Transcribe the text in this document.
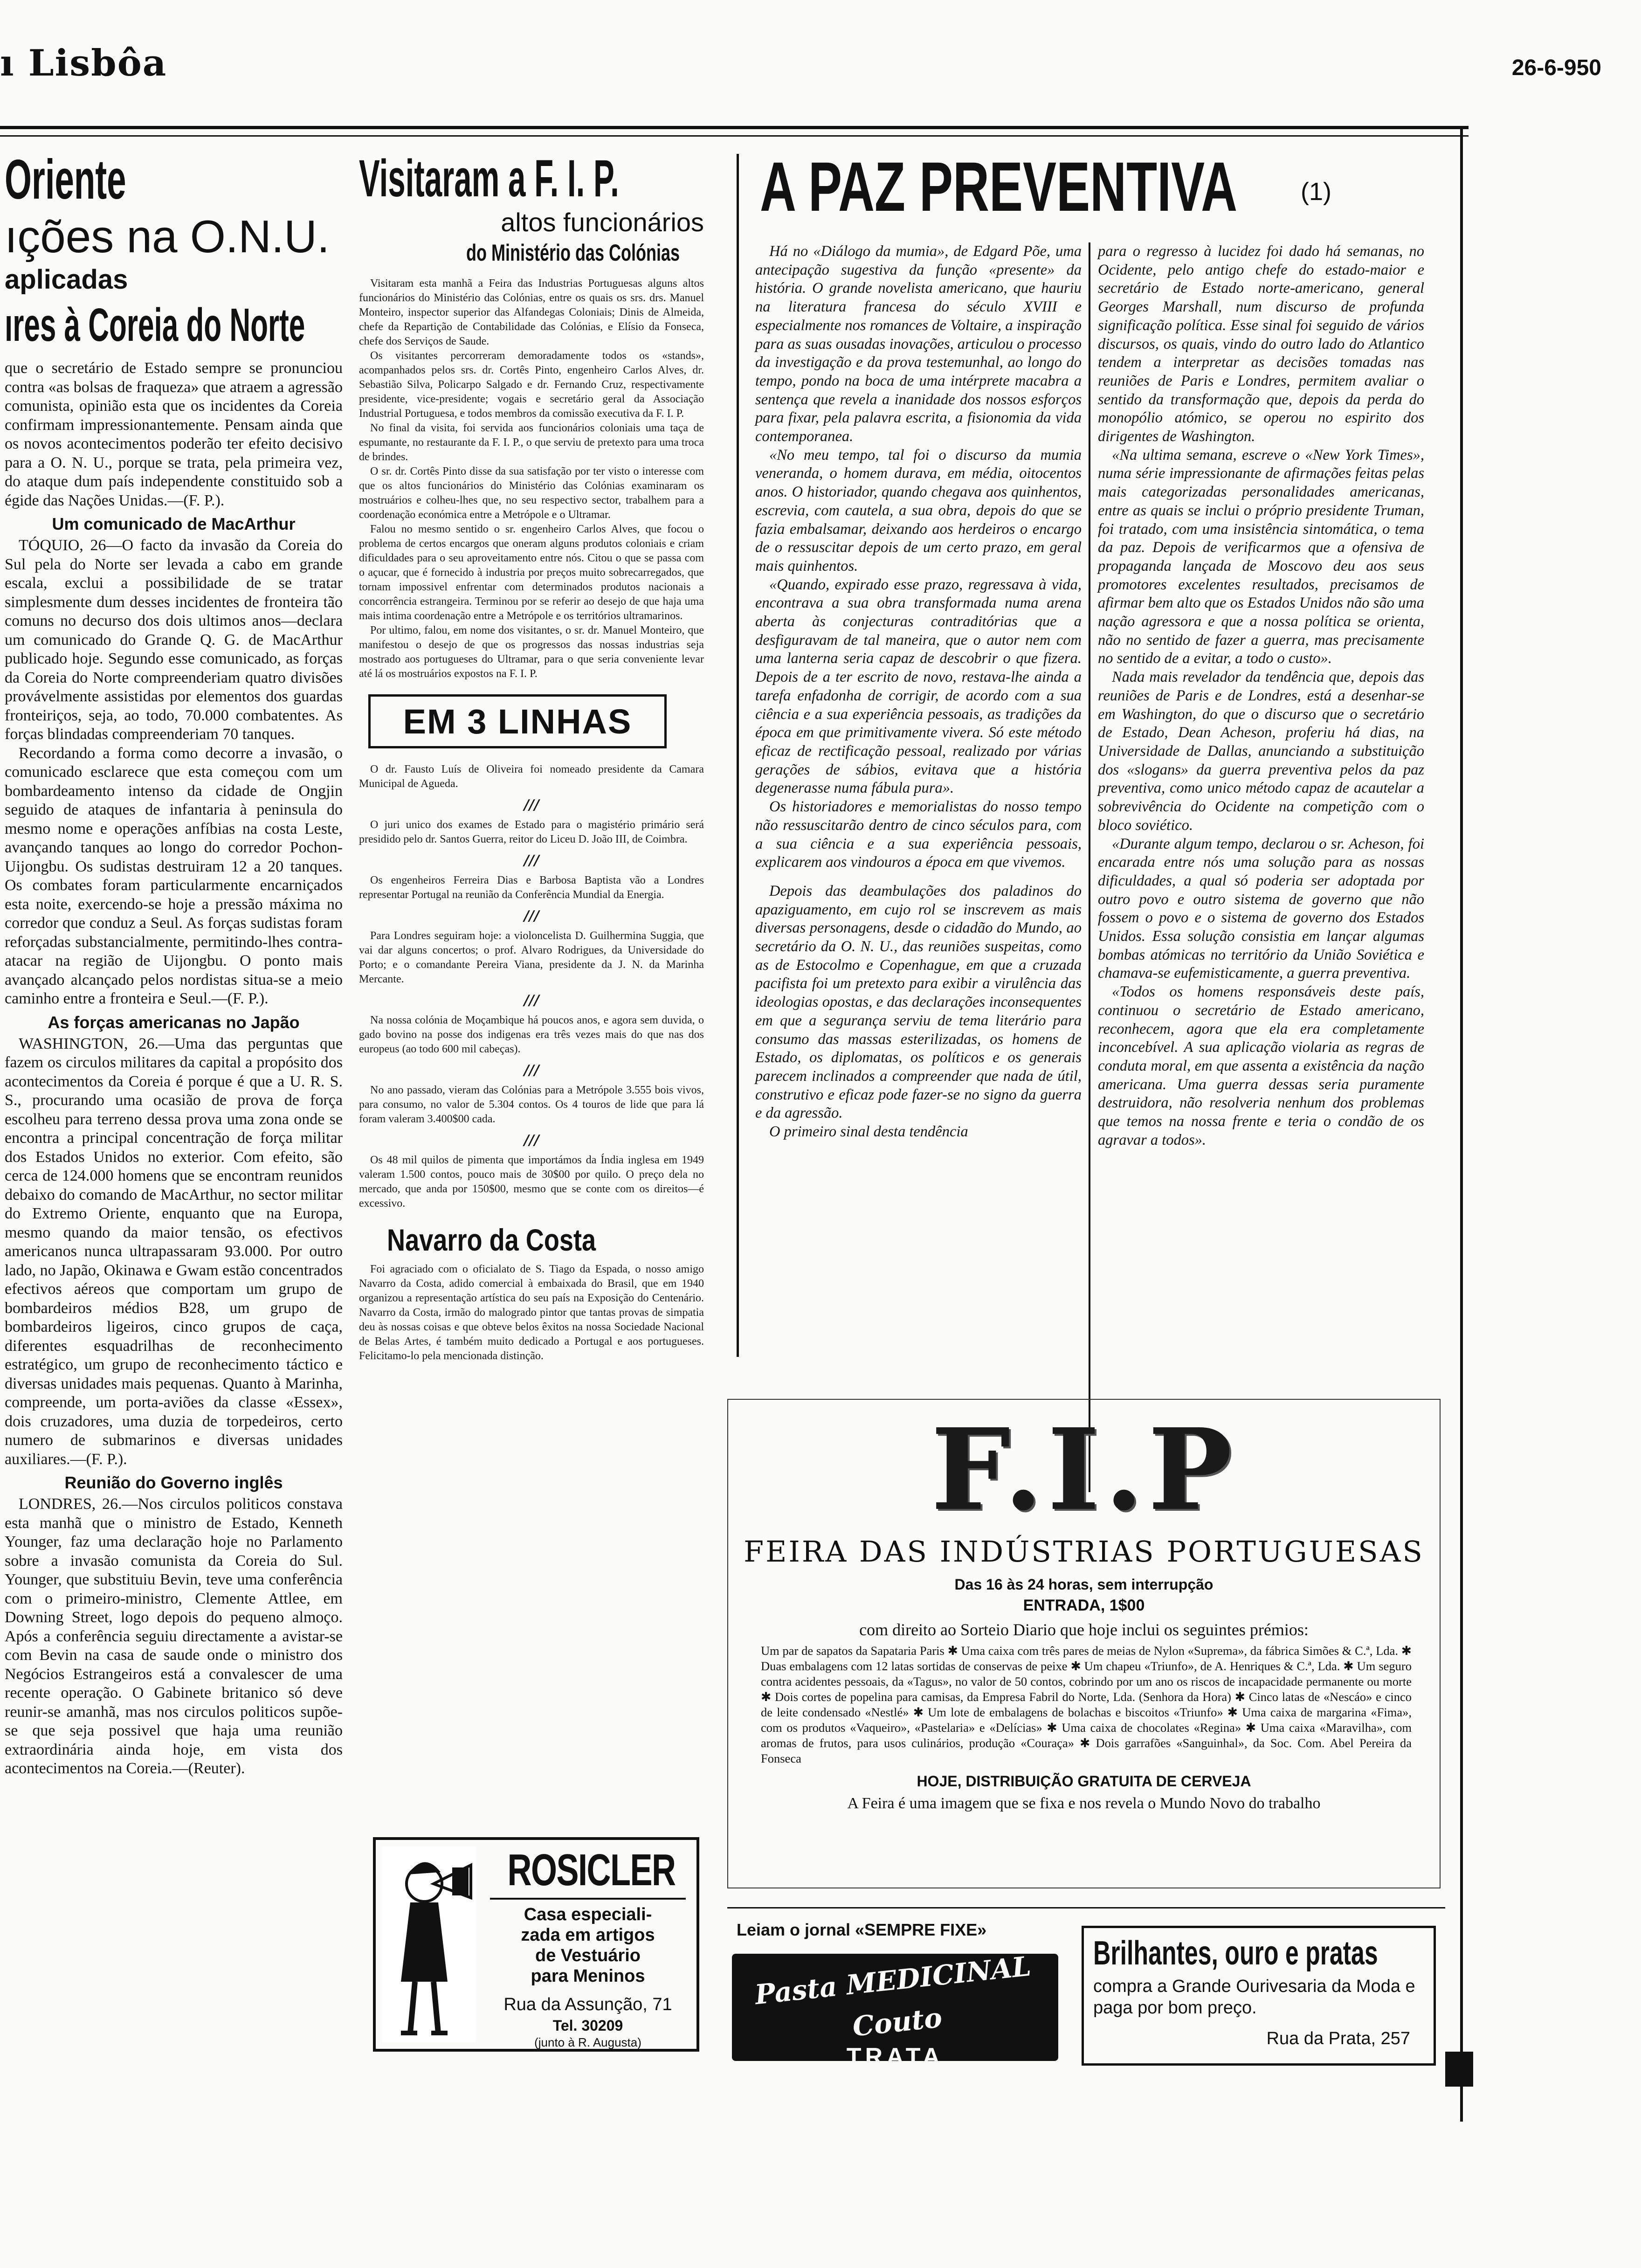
ı Lisbôa	26-6-950
Oriente
ıções na O.N.U.
aplicadas
ıres à Coreia do Norte

que o secretário de Estado sempre se pronunciou contra «as bolsas de fraqueza» que atraem a agressão comunista, opinião esta que os incidentes da Coreia confirmam impressionantemente. Pensam ainda que os novos acontecimentos poderão ter efeito decisivo para a O. N. U., porque se trata, pela primeira vez, do ataque dum país independente constituido sob a égide das Nações Unidas.—(F. P.).

Um comunicado de MacArthur

TÓQUIO, 26—O facto da invasão da Coreia do Sul pela do Norte ser levada a cabo em grande escala, exclui a possibilidade de se tratar simplesmente dum desses incidentes de fronteira tão comuns no decurso dos dois ultimos anos—declara um comunicado do Grande Q. G. de MacArthur publicado hoje. Segundo esse comunicado, as forças da Coreia do Norte compreenderiam quatro divisões provávelmente assistidas por elementos dos guardas fronteiriços, seja, ao todo, 70.000 combatentes. As forças blindadas compreenderiam 70 tanques.

Recordando a forma como decorre a invasão, o comunicado esclarece que esta começou com um bombardeamento intenso da cidade de Ongjin seguido de ataques de infantaria à peninsula do mesmo nome e operações anfíbias na costa Leste, avançando tanques ao longo do corredor Pochon-Uijongbu. Os sudistas destruiram 12 a 20 tanques. Os combates foram particularmente encarniçados esta noite, exercendo-se hoje a pressão máxima no corredor que conduz a Seul. As forças sudistas foram reforçadas substancialmente, permitindo-lhes contra-atacar na região de Uijongbu. O ponto mais avançado alcançado pelos nordistas situa-se a meio caminho entre a fronteira e Seul.—(F. P.).

As forças americanas no Japão

WASHINGTON, 26.—Uma das perguntas que fazem os circulos militares da capital a propósito dos acontecimentos da Coreia é porque é que a U. R. S. S., procurando uma ocasião de prova de força escolheu para terreno dessa prova uma zona onde se encontra a principal concentração de força militar dos Estados Unidos no exterior. Com efeito, são cerca de 124.000 homens que se encontram reunidos debaixo do comando de MacArthur, no sector militar do Extremo Oriente, enquanto que na Europa, mesmo quando da maior tensão, os efectivos americanos nunca ultrapassaram 93.000. Por outro lado, no Japão, Okinawa e Gwam estão concentrados efectivos aéreos que comportam um grupo de bombardeiros médios B28, um grupo de bombardeiros ligeiros, cinco grupos de caça, diferentes esquadrilhas de reconhecimento estratégico, um grupo de reconhecimento táctico e diversas unidades mais pequenas. Quanto à Marinha, compreende, um porta-aviões da classe «Essex», dois cruzadores, uma duzia de torpedeiros, certo numero de submarinos e diversas unidades auxiliares.—(F. P.).

Reunião do Governo inglês

LONDRES, 26.—Nos circulos politicos constava esta manhã que o ministro de Estado, Kenneth Younger, faz uma declaração hoje no Parlamento sobre a invasão comunista da Coreia do Sul. Younger, que substituiu Bevin, teve uma conferência com o primeiro-ministro, Clemente Attlee, em Downing Street, logo depois do pequeno almoço. Após a conferência seguiu directamente a avistar-se com Bevin na casa de saude onde o ministro dos Negócios Estrangeiros está a convalescer de uma recente operação. O Gabinete britanico só deve reunir-se amanhã, mas nos circulos politicos supõe-se que seja possivel que haja uma reunião extraordinária ainda hoje, em vista dos acontecimentos na Coreia.—(Reuter).

Visitaram a F. I. P.
altos funcionários
do Ministério das Colónias

Visitaram esta manhã a Feira das Industrias Portuguesas alguns altos funcionários do Ministério das Colónias, entre os quais os srs. drs. Manuel Monteiro, inspector superior das Alfandegas Coloniais; Dinis de Almeida, chefe da Repartição de Contabilidade das Colónias, e Elísio da Fonseca, chefe dos Serviços de Saude.

Os visitantes percorreram demoradamente todos os «stands», acompanhados pelos srs. dr. Cortês Pinto, engenheiro Carlos Alves, dr. Sebastião Silva, Policarpo Salgado e dr. Fernando Cruz, respectivamente presidente, vice-presidente; vogais e secretário geral da Associação Industrial Portuguesa, e todos membros da comissão executiva da F. I. P.

No final da visita, foi servida aos funcionários coloniais uma taça de espumante, no restaurante da F. I. P., o que serviu de pretexto para uma troca de brindes.

O sr. dr. Cortês Pinto disse da sua satisfação por ter visto o interesse com que os altos funcionários do Ministério das Colónias examinaram os mostruários e colheu-lhes que, no seu respectivo sector, trabalhem para a coordenação económica entre a Metrópole e o Ultramar.

Falou no mesmo sentido o sr. engenheiro Carlos Alves, que focou o problema de certos encargos que oneram alguns produtos coloniais e criam dificuldades para o seu aproveitamento entre nós. Citou o que se passa com o açucar, que é fornecido à industria por preços muito sobrecarregados, que tornam impossivel enfrentar com determinados produtos nacionais a concorrência estrangeira. Terminou por se referir ao desejo de que haja uma mais intima coordenação entre a Metrópole e os territórios ultramarinos.

Por ultimo, falou, em nome dos visitantes, o sr. dr. Manuel Monteiro, que manifestou o desejo de que os progressos das nossas industrias seja mostrado aos portugueses do Ultramar, para o que seria conveniente levar até lá os mostruários expostos na F. I. P.

EM 3 LINHAS

O dr. Fausto Luís de Oliveira foi nomeado presidente da Camara Municipal de Agueda.

///

O juri unico dos exames de Estado para o magistério primário será presidido pelo dr. Santos Guerra, reitor do Liceu D. João III, de Coimbra.

///

Os engenheiros Ferreira Dias e Barbosa Baptista vão a Londres representar Portugal na reunião da Conferência Mundial da Energia.

///

Para Londres seguiram hoje: a violoncelista D. Guilhermina Suggia, que vai dar alguns concertos; o prof. Alvaro Rodrigues, da Universidade do Porto; e o comandante Pereira Viana, presidente da J. N. da Marinha Mercante.

///

Na nossa colónia de Moçambique há poucos anos, e agora sem duvida, o gado bovino na posse dos indigenas era três vezes mais do que nas dos europeus (ao todo 600 mil cabeças).

///

No ano passado, vieram das Colónias para a Metrópole 3.555 bois vivos, para consumo, no valor de 5.304 contos. Os 4 touros de lide que para lá foram valeram 3.400$00 cada.

///

Os 48 mil quilos de pimenta que importámos da Índia inglesa em 1949 valeram 1.500 contos, pouco mais de 30$00 por quilo. O preço dela no mercado, que anda por 150$00, mesmo que se conte com os direitos—é excessivo.

Navarro da Costa

Foi agraciado com o oficialato de S. Tiago da Espada, o nosso amigo Navarro da Costa, adido comercial à embaixada do Brasil, que em 1940 organizou a representação artística do seu país na Exposição do Centenário. Navarro da Costa, irmão do malogrado pintor que tantas provas de simpatia deu às nossas coisas e que obteve belos êxitos na nossa Sociedade Nacional de Belas Artes, é também muito dedicado a Portugal e aos portugueses. Felicitamo-lo pela mencionada distinção.

ROSICLER
Casa especiali-
zada em artigos
de Vestuário
para Meninos
Rua da Assunção, 71
Tel. 30209
(junto à R. Augusta)
A PAZ PREVENTIVA	(1)

Há no «Diálogo da mumia», de Edgard Põe, uma antecipação sugestiva da função «presente» da história. O grande novelista americano, que hauriu na literatura francesa do século XVIII e especialmente nos romances de Voltaire, a inspiração para as suas ousadas inovações, articulou o processo da investigação e da prova testemunhal, ao longo do tempo, pondo na boca de uma intérprete macabra a sentença que revela a inanidade dos nossos esforços para fixar, pela palavra escrita, a fisionomia da vida contemporanea.

«No meu tempo, tal foi o discurso da mumia veneranda, o homem durava, em média, oitocentos anos. O historiador, quando chegava aos quinhentos, escrevia, com cautela, a sua obra, depois do que se fazia embalsamar, deixando aos herdeiros o encargo de o ressuscitar depois de um certo prazo, em geral mais quinhentos.

«Quando, expirado esse prazo, regressava à vida, encontrava a sua obra transformada numa arena aberta às conjecturas contraditórias que a desfiguravam de tal maneira, que o autor nem com uma lanterna seria capaz de descobrir o que fizera. Depois de a ter escrito de novo, restava-lhe ainda a tarefa enfadonha de corrigir, de acordo com a sua ciência e a sua experiência pessoais, as tradições da época em que primitivamente vivera. Só este método eficaz de rectificação pessoal, realizado por várias gerações de sábios, evitava que a história degenerasse numa fábula pura».

Os historiadores e memorialistas do nosso tempo não ressuscitarão dentro de cinco séculos para, com a sua ciência e a sua experiência pessoais, explicarem aos vindouros a época em que vivemos.

Depois das deambulações dos paladinos do apaziguamento, em cujo rol se inscrevem as mais diversas personagens, desde o cidadão do Mundo, ao secretário da O. N. U., das reuniões suspeitas, como as de Estocolmo e Copenhague, em que a cruzada pacifista foi um pretexto para exibir a virulência das ideologias opostas, e das declarações inconsequentes em que a segurança serviu de tema literário para consumo das massas esterilizadas, os homens de Estado, os diplomatas, os políticos e os generais parecem inclinados a compreender que nada de útil, construtivo e eficaz pode fazer-se no signo da guerra e da agressão.

O primeiro sinal desta tendência

para o regresso à lucidez foi dado há semanas, no Ocidente, pelo antigo chefe do estado-maior e secretário de Estado norte-americano, general Georges Marshall, num discurso de profunda significação política. Esse sinal foi seguido de vários discursos, os quais, vindo do outro lado do Atlantico tendem a interpretar as decisões tomadas nas reuniões de Paris e Londres, permitem avaliar o sentido da transformação que, depois da perda do monopólio atómico, se operou no espirito dos dirigentes de Washington.

«Na ultima semana, escreve o «New York Times», numa série impressionante de afirmações feitas pelas mais categorizadas personalidades americanas, entre as quais se inclui o próprio presidente Truman, foi tratado, com uma insistência sintomática, o tema da paz. Depois de verificarmos que a ofensiva de propaganda lançada de Moscovo deu aos seus promotores excelentes resultados, precisamos de afirmar bem alto que os Estados Unidos não são uma nação agressora e que a nossa política se orienta, não no sentido de fazer a guerra, mas precisamente no sentido de a evitar, a todo o custo».

Nada mais revelador da tendência que, depois das reuniões de Paris e de Londres, está a desenhar-se em Washington, do que o discurso que o secretário de Estado, Dean Acheson, proferiu há dias, na Universidade de Dallas, anunciando a substituição dos «slogans» da guerra preventiva pelos da paz preventiva, como unico método capaz de acautelar a sobrevivência do Ocidente na competição com o bloco soviético.

«Durante algum tempo, declarou o sr. Acheson, foi encarada entre nós uma solução para as nossas dificuldades, a qual só poderia ser adoptada por outro povo e outro sistema de governo que não fossem o povo e o sistema de governo dos Estados Unidos. Essa solução consistia em lançar algumas bombas atómicas no território da União Soviética e chamava-se eufemisticamente, a guerra preventiva.

«Todos os homens responsáveis deste país, continuou o secretário de Estado americano, reconhecem, agora que ela era completamente inconcebível. A sua aplicação violaria as regras de conduta moral, em que assenta a existência da nação americana. Uma guerra dessas seria puramente destruidora, não resolveria nenhum dos problemas que temos na nossa frente e teria o condão de os agravar a todos».

F.I.P
FEIRA DAS INDÚSTRIAS PORTUGUESAS
Das 16 às 24 horas, sem interrupção
ENTRADA, 1$00
com direito ao Sorteio Diario que hoje inclui os seguintes prémios:
Um par de sapatos da Sapataria Paris ✱ Uma caixa com três pares de meias de Nylon «Suprema», da fábrica Simões & C.ª, Lda. ✱ Duas embalagens com 12 latas sortidas de conservas de peixe ✱ Um chapeu «Triunfo», de A. Henriques & C.ª, Lda. ✱ Um seguro contra acidentes pessoais, da «Tagus», no valor de 50 contos, cobrindo por um ano os riscos de incapacidade permanente ou morte ✱ Dois cortes de popelina para camisas, da Empresa Fabril do Norte, Lda. (Senhora da Hora) ✱ Cinco latas de «Nescáo» e cinco de leite condensado «Nestlé» ✱ Um lote de embalagens de bolachas e biscoitos «Triunfo» ✱ Uma caixa de margarina «Fima», com os produtos «Vaqueiro», «Pastelaria» e «Delícias» ✱ Uma caixa de chocolates «Regina» ✱ Uma caixa «Maravilha», com aromas de frutos, para usos culinários, produção «Couraça» ✱ Dois garrafões «Sanguinhal», da Soc. Com. Abel Pereira da Fonseca
HOJE, DISTRIBUIÇÃO GRATUITA DE CERVEJA
A Feira é uma imagem que se fixa e nos revela o Mundo Novo do trabalho
Leiam o jornal «SEMPRE FIXE»
Pasta MEDICINAL Couto
TRATA
AS DOENÇAS DA BOCA
Brilhantes, ouro e pratas
compra a Grande Ourivesaria da Moda e paga por bom preço.
Rua da Prata, 257
